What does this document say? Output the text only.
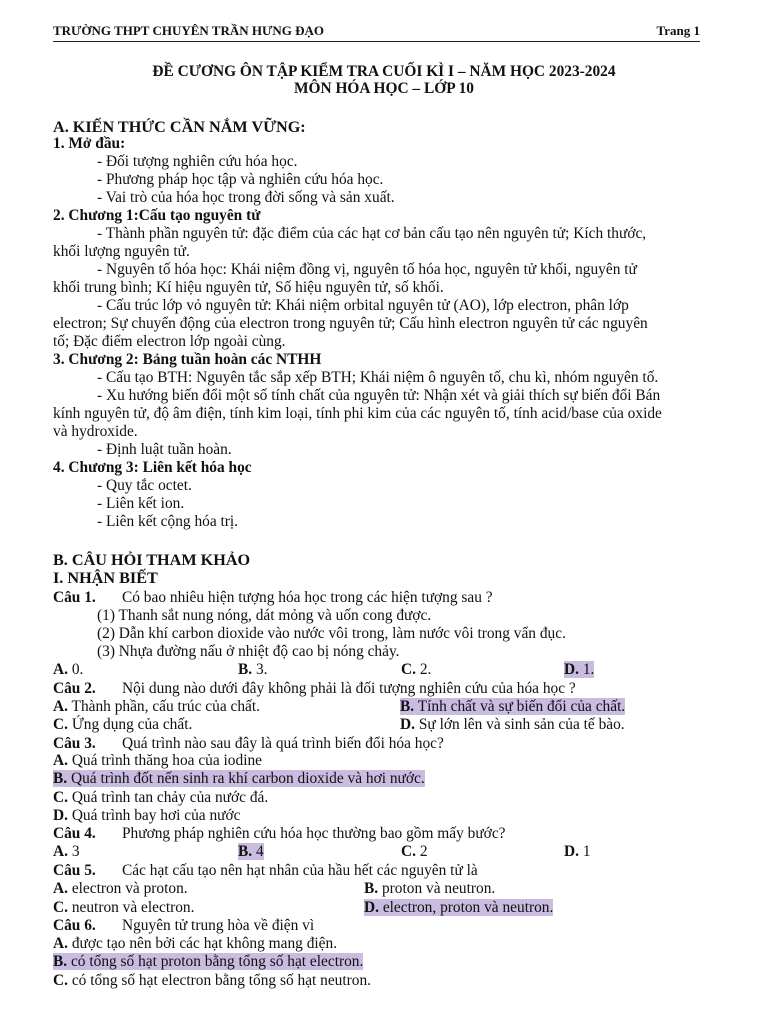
TRƯỜNG THPT CHUYÊN TRẦN HƯNG ĐẠO	Trang 1
ĐỀ CƯƠNG ÔN TẬP KIỂM TRA CUỐI KÌ I – NĂM HỌC 2023-2024
MÔN HÓA HỌC – LỚP 10
A. KIẾN THỨC CẦN NẮM VỮNG:
1. Mở đầu:
- Đối tượng nghiên cứu hóa học.
- Phương pháp học tập và nghiên cứu hóa học.
- Vai trò của hóa học trong đời sống và sản xuất.
2. Chương 1:Cấu tạo nguyên tử
- Thành phần nguyên tử: đặc điểm của các hạt cơ bản cấu tạo nên nguyên tử; Kích thước,
khối lượng nguyên tử.
- Nguyên tố hóa học: Khái niệm đồng vị, nguyên tố hóa học, nguyên tử khối, nguyên tử
khối trung bình; Kí hiệu nguyên tử, Số hiệu nguyên tử, số khối.
- Cấu trúc lớp vỏ nguyên tử: Khái niệm orbital nguyên tử (AO), lớp electron, phân lớp
electron; Sự chuyển động của electron trong nguyên tử; Cấu hình electron nguyên tử các nguyên
tố; Đặc điểm electron lớp ngoài cùng.
3. Chương 2: Bảng tuần hoàn các NTHH
- Cấu tạo BTH: Nguyên tắc sắp xếp BTH; Khái niệm ô nguyên tố, chu kì, nhóm nguyên tố.
- Xu hướng biến đổi một số tính chất của nguyên tử: Nhận xét và giải thích sự biến đổi Bán
kính nguyên tử, độ âm điện, tính kim loại, tính phi kim của các nguyên tố, tính acid/base của oxide
và hydroxide.
- Định luật tuần hoàn.
4. Chương 3: Liên kết hóa học
- Quy tắc octet.
- Liên kết ion.
- Liên kết cộng hóa trị.
B. CÂU HỎI THAM KHẢO
I. NHẬN BIẾT
Câu 1. Có bao nhiêu hiện tượng hóa học trong các hiện tượng sau ?
(1) Thanh sắt nung nóng, dát mỏng và uốn cong được.
(2) Dẫn khí carbon dioxide vào nước vôi trong, làm nước vôi trong vẩn đục.
(3) Nhựa đường nấu ở nhiệt độ cao bị nóng chảy.
A. 0.	B. 3.	C. 2.	D. 1.
Câu 2. Nội dung nào dưới đây không phải là đối tượng nghiên cứu của hóa học ?
A. Thành phần, cấu trúc của chất.	B. Tính chất và sự biến đổi của chất.
C. Ứng dụng của chất.	D. Sự lớn lên và sinh sản của tế bào.
Câu 3. Quá trình nào sau đây là quá trình biến đổi hóa học?
A. Quá trình thăng hoa của iodine
B. Quá trình đốt nến sinh ra khí carbon dioxide và hơi nước.
C. Quá trình tan chảy của nước đá.
D. Quá trình bay hơi của nước
Câu 4. Phương pháp nghiên cứu hóa học thường bao gồm mấy bước?
A. 3	B. 4	C. 2	D. 1
Câu 5. Các hạt cấu tạo nên hạt nhân của hầu hết các nguyên tử là
A. electron và proton.	B. proton và neutron.
C. neutron và electron.	D. electron, proton và neutron.
Câu 6. Nguyên tử trung hòa về điện vì
A. được tạo nên bởi các hạt không mang điện.
B. có tổng số hạt proton bằng tổng số hạt electron.
C. có tổng số hạt electron bằng tổng số hạt neutron.
